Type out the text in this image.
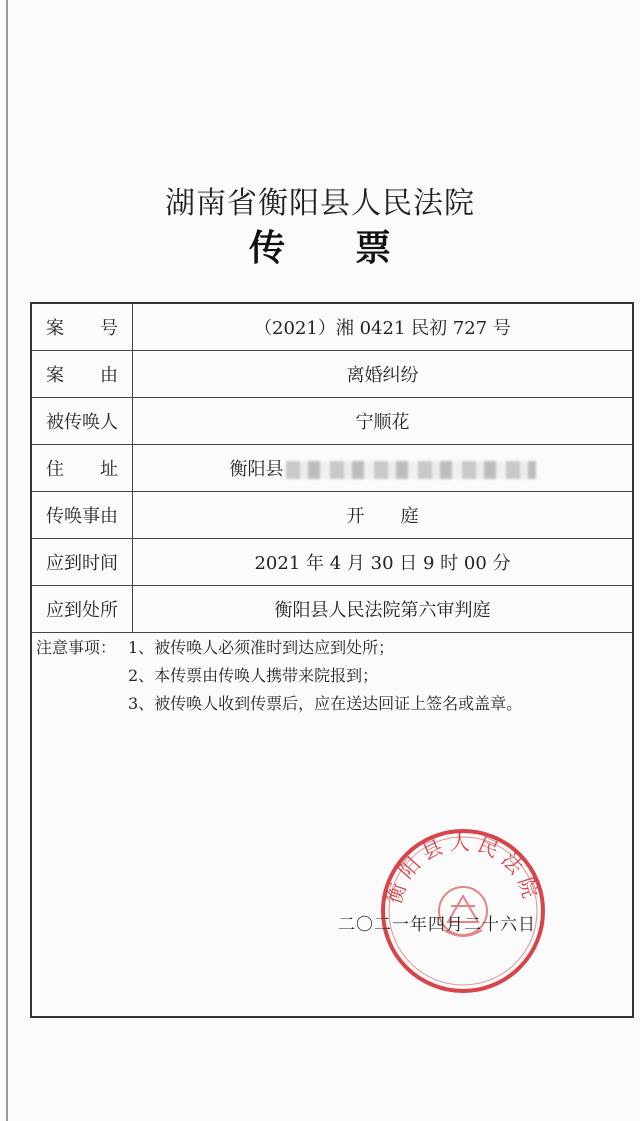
湖南省衡阳县人民法院
传 票
案　　号	（2021）湘 0421 民初 727 号
案　　由	离婚纠纷
被传唤人	宁顺花
住　　址	衡阳县
传唤事由	开　　庭
应到时间	2021 年 4 月 30 日 9 时 00 分
应到处所	衡阳县人民法院第六审判庭
注意事项： 1、被传唤人必须准时到达应到处所；
2、本传票由传唤人携带来院报到；
3、被传唤人收到传票后，应在送达回证上签名或盖章。
衡阳县人民法院
二〇二一年四月二十六日
